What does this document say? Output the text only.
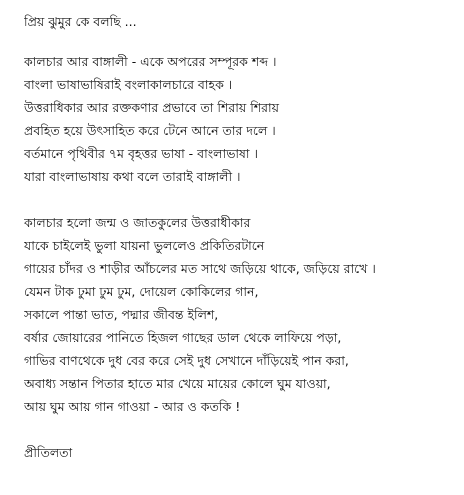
প্রিয় ঝুমুর কে বলছি ...
কালচার আর বাঙ্গালী - একে অপরের সম্পূরক শব্দ ।
বাংলা ভাষাভাষিরাই বংলাকালচারে বাহক ।
উত্তরাধিকার আর রক্তকণার প্রভাবে তা শিরায় শিরায়
প্রবহিত হয়ে উৎসাহিত করে টেনে আনে তার দলে ।
বর্তমানে পৃথিবীর ৭ম বৃহত্তর ভাষা - বাংলাভাষা ।
যারা বাংলাভাষায় কথা বলে তারাই বাঙ্গালী ।
কালচার হলো জন্ম ও জাতকুলের উত্তরাধীকার
যাকে চাইলেই ভুলা যায়না ভুললেও প্রকিতিরটানে
গায়ের চাঁদর ও শাড়ীর আঁচলের মত সাথে জড়িয়ে থাকে, জড়িয়ে রাখে ।
যেমন টাক ঢুমা ঢুম ঢুম, দোয়েল কোকিলের গান,
সকালে পান্তা ভাত, পদ্মার জীবন্ত ইলিশ,
বর্ষার জোয়ারের পানিতে হিজল গাছের ডাল থেকে লাফিয়ে পড়া,
গাভির বাণথেকে দুধ বের করে সেই দুধ সেখানে দাঁড়িয়েই পান করা,
অবাধ্য সন্তান পিতার হাতে মার খেয়ে মায়ের কোলে ঘুম যাওয়া,
আয় ঘুম আয় গান গাওয়া - আর ও কতকি !
প্রীতিলতা
